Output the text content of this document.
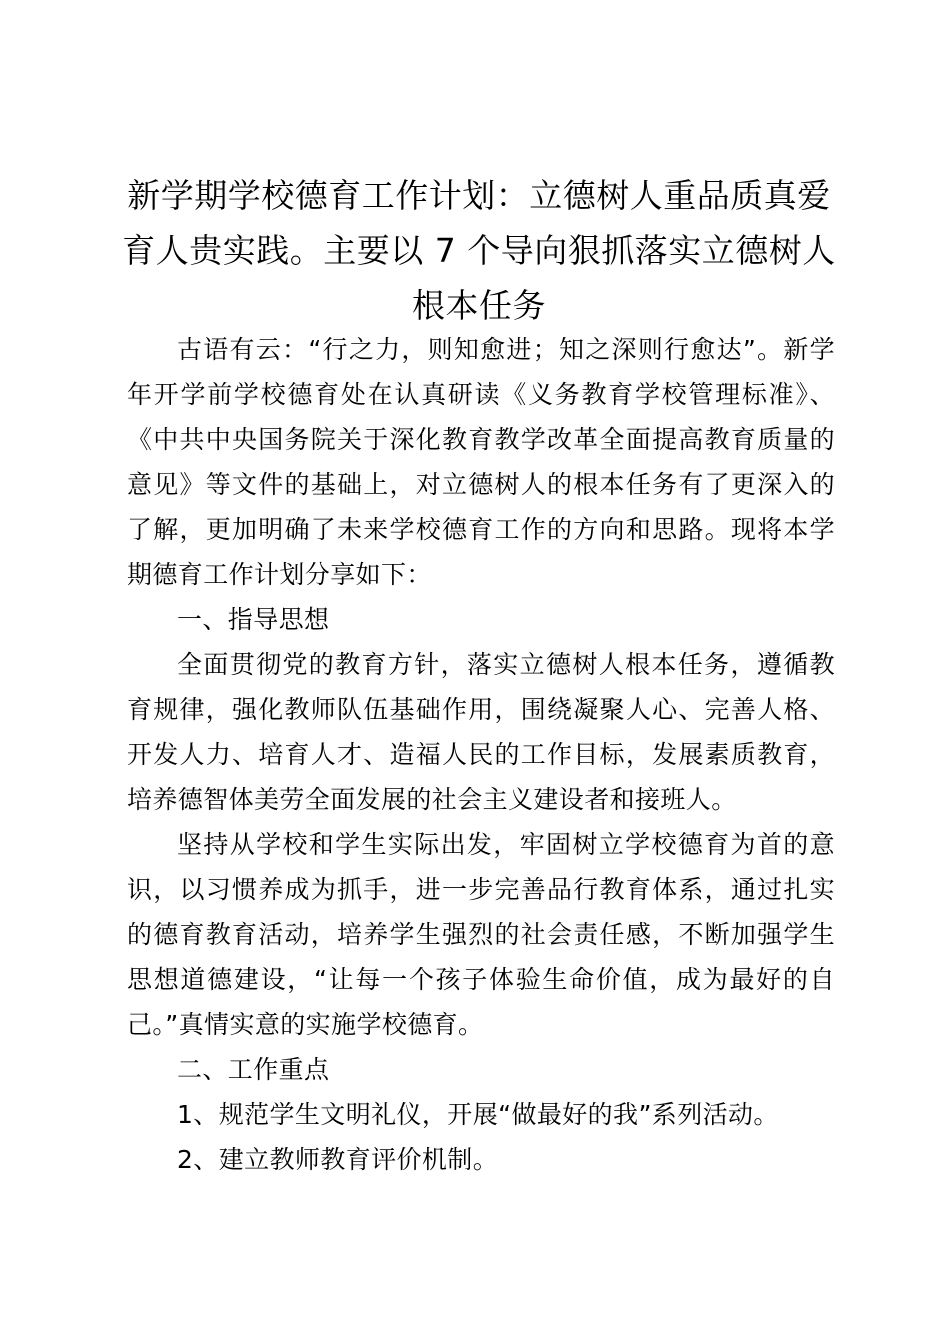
新学期学校德育工作计划：立德树人重品质真爱育人贵实践。主要以 7 个导向狠抓落实立德树人根本任务

古语有云：“行之力，则知愈进；知之深则行愈达”。新学年开学前学校德育处在认真研读《义务教育学校管理标准》、《中共中央国务院关于深化教育教学改革全面提高教育质量的意见》等文件的基础上，对立德树人的根本任务有了更深入的了解，更加明确了未来学校德育工作的方向和思路。现将本学期德育工作计划分享如下：

一、指导思想

全面贯彻党的教育方针，落实立德树人根本任务，遵循教育规律，强化教师队伍基础作用，围绕凝聚人心、完善人格、开发人力、培育人才、造福人民的工作目标，发展素质教育，培养德智体美劳全面发展的社会主义建设者和接班人。

坚持从学校和学生实际出发，牢固树立学校德育为首的意识，以习惯养成为抓手，进一步完善品行教育体系，通过扎实的德育教育活动，培养学生强烈的社会责任感，不断加强学生思想道德建设，“让每一个孩子体验生命价值，成为最好的自己。”真情实意的实施学校德育。

二、工作重点

1、规范学生文明礼仪，开展“做最好的我”系列活动。

2、建立教师教育评价机制。
